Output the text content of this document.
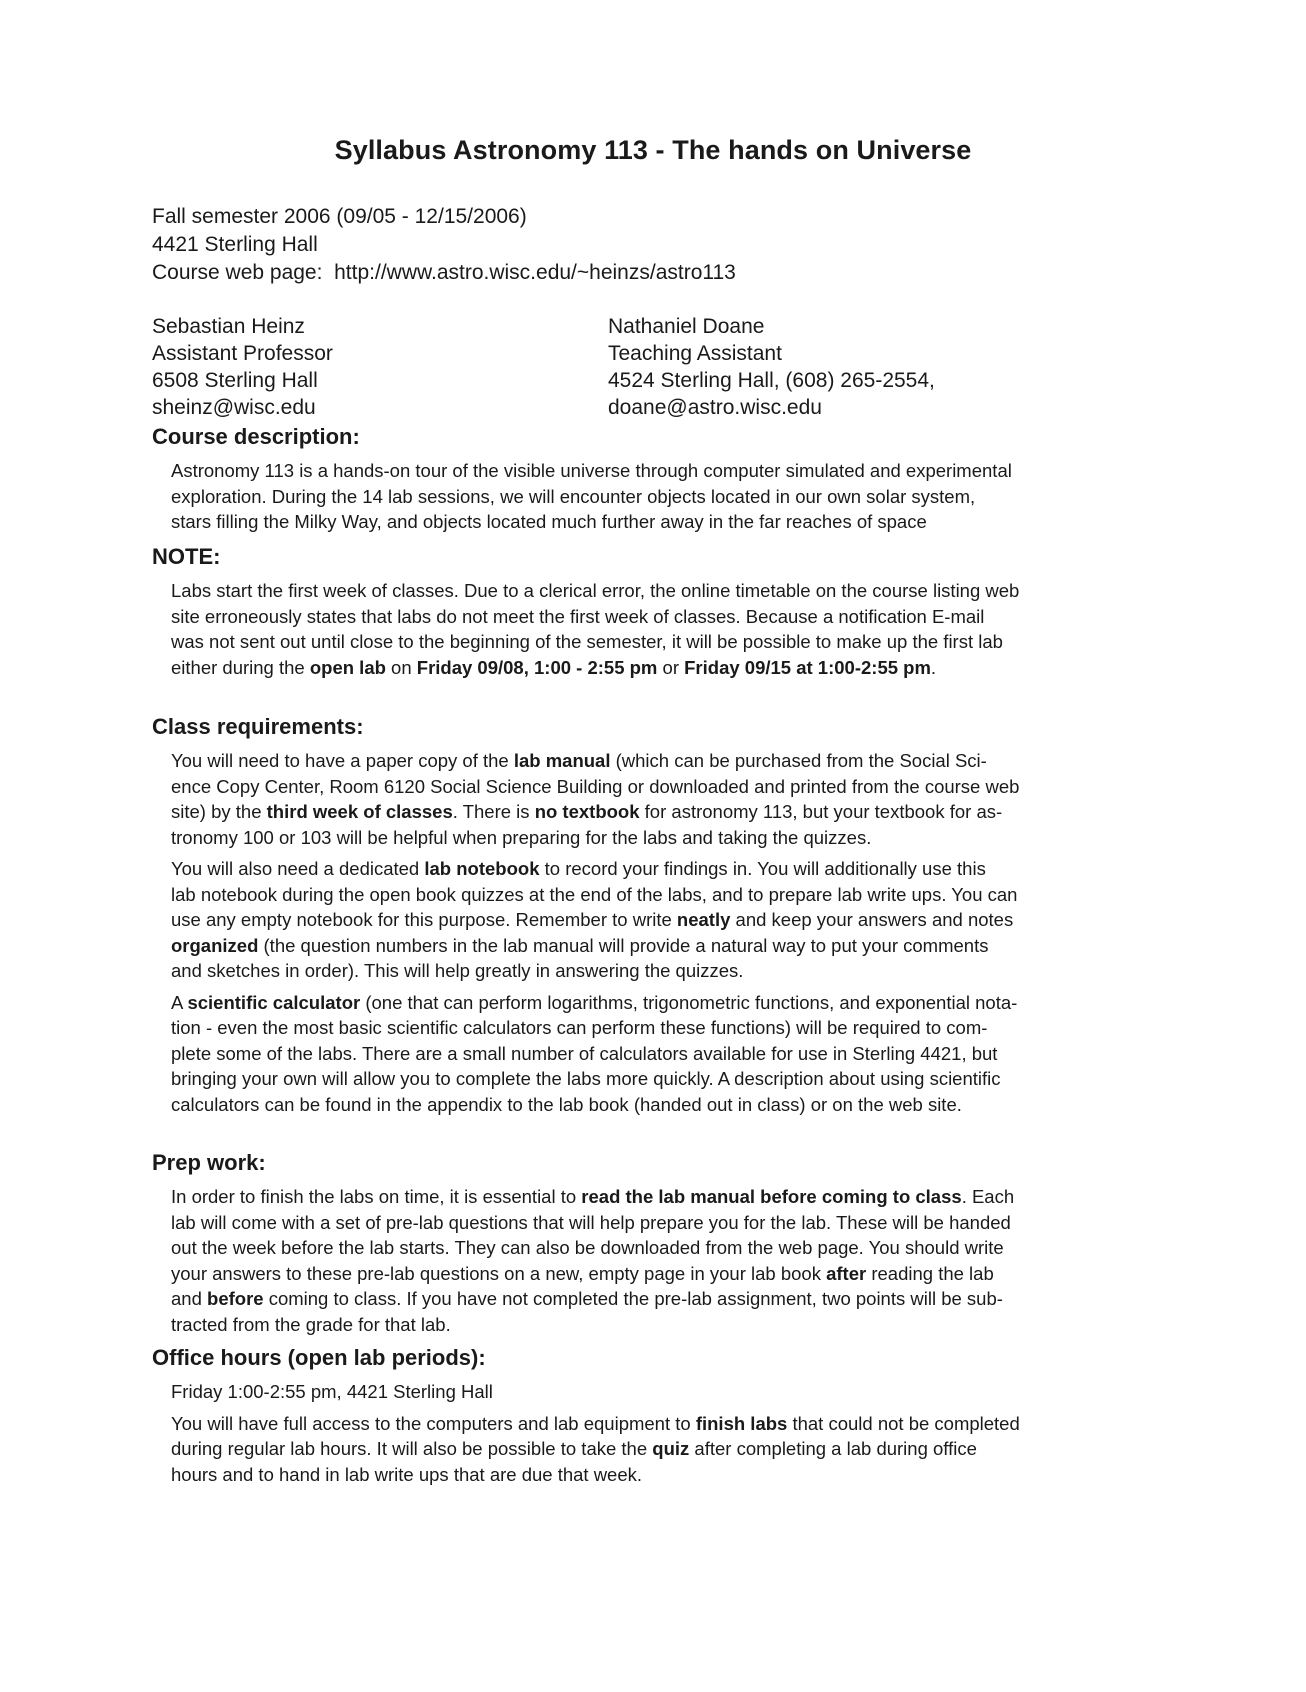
Syllabus Astronomy 113 - The hands on Universe
Fall semester 2006 (09/05 - 12/15/2006)
4421 Sterling Hall
Course web page: http://www.astro.wisc.edu/~heinzs/astro113
Sebastian Heinz
Assistant Professor
6508 Sterling Hall
sheinz@wisc.edu
Nathaniel Doane
Teaching Assistant
4524 Sterling Hall, (608) 265-2554,
doane@astro.wisc.edu
Course description:
Astronomy 113 is a hands-on tour of the visible universe through computer simulated and experimental
exploration. During the 14 lab sessions, we will encounter objects located in our own solar system,
stars filling the Milky Way, and objects located much further away in the far reaches of space
NOTE:
Labs start the first week of classes. Due to a clerical error, the online timetable on the course listing web
site erroneously states that labs do not meet the first week of classes. Because a notification E-mail
was not sent out until close to the beginning of the semester, it will be possible to make up the first lab
either during the open lab on Friday 09/08, 1:00 - 2:55 pm or Friday 09/15 at 1:00-2:55 pm.
Class requirements:
You will need to have a paper copy of the lab manual (which can be purchased from the Social Sci-
ence Copy Center, Room 6120 Social Science Building or downloaded and printed from the course web
site) by the third week of classes. There is no textbook for astronomy 113, but your textbook for as-
tronomy 100 or 103 will be helpful when preparing for the labs and taking the quizzes.
You will also need a dedicated lab notebook to record your findings in. You will additionally use this
lab notebook during the open book quizzes at the end of the labs, and to prepare lab write ups. You can
use any empty notebook for this purpose. Remember to write neatly and keep your answers and notes
organized (the question numbers in the lab manual will provide a natural way to put your comments
and sketches in order). This will help greatly in answering the quizzes.
A scientific calculator (one that can perform logarithms, trigonometric functions, and exponential nota-
tion - even the most basic scientific calculators can perform these functions) will be required to com-
plete some of the labs. There are a small number of calculators available for use in Sterling 4421, but
bringing your own will allow you to complete the labs more quickly. A description about using scientific
calculators can be found in the appendix to the lab book (handed out in class) or on the web site.
Prep work:
In order to finish the labs on time, it is essential to read the lab manual before coming to class. Each
lab will come with a set of pre-lab questions that will help prepare you for the lab. These will be handed
out the week before the lab starts. They can also be downloaded from the web page. You should write
your answers to these pre-lab questions on a new, empty page in your lab book after reading the lab
and before coming to class. If you have not completed the pre-lab assignment, two points will be sub-
tracted from the grade for that lab.
Office hours (open lab periods):
Friday 1:00-2:55 pm, 4421 Sterling Hall
You will have full access to the computers and lab equipment to finish labs that could not be completed
during regular lab hours. It will also be possible to take the quiz after completing a lab during office
hours and to hand in lab write ups that are due that week.
